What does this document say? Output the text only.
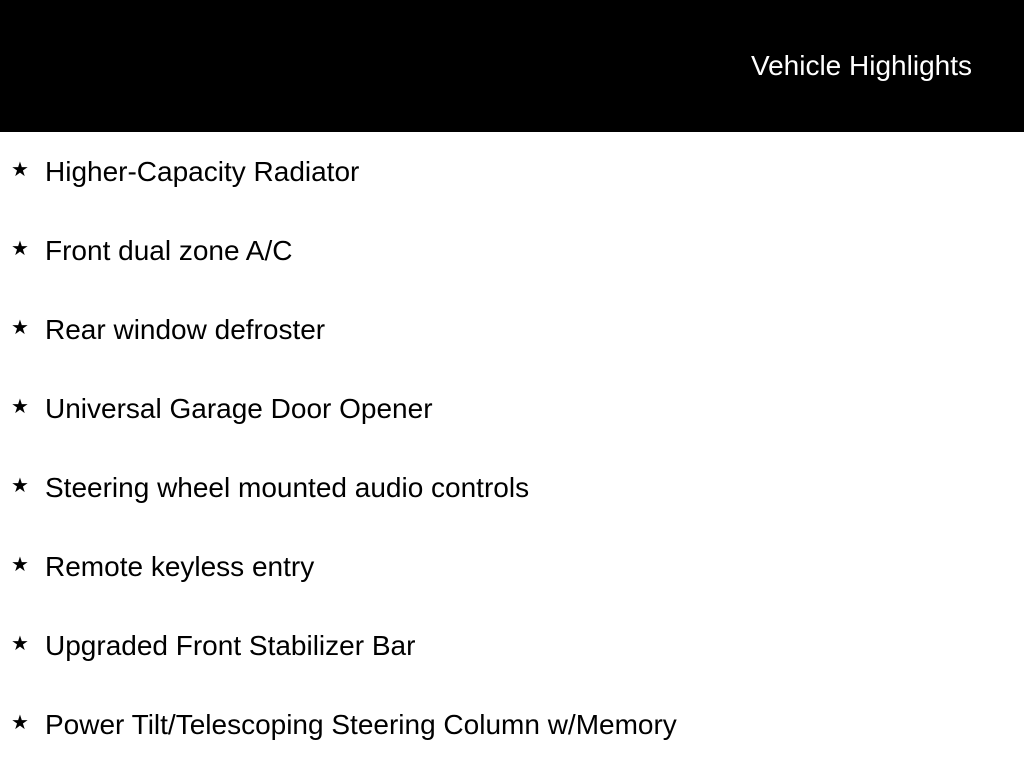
Vehicle Highlights
★ Higher-Capacity Radiator
★ Front dual zone A/C
★ Rear window defroster
★ Universal Garage Door Opener
★ Steering wheel mounted audio controls
★ Remote keyless entry
★ Upgraded Front Stabilizer Bar
★ Power Tilt/Telescoping Steering Column w/Memory
